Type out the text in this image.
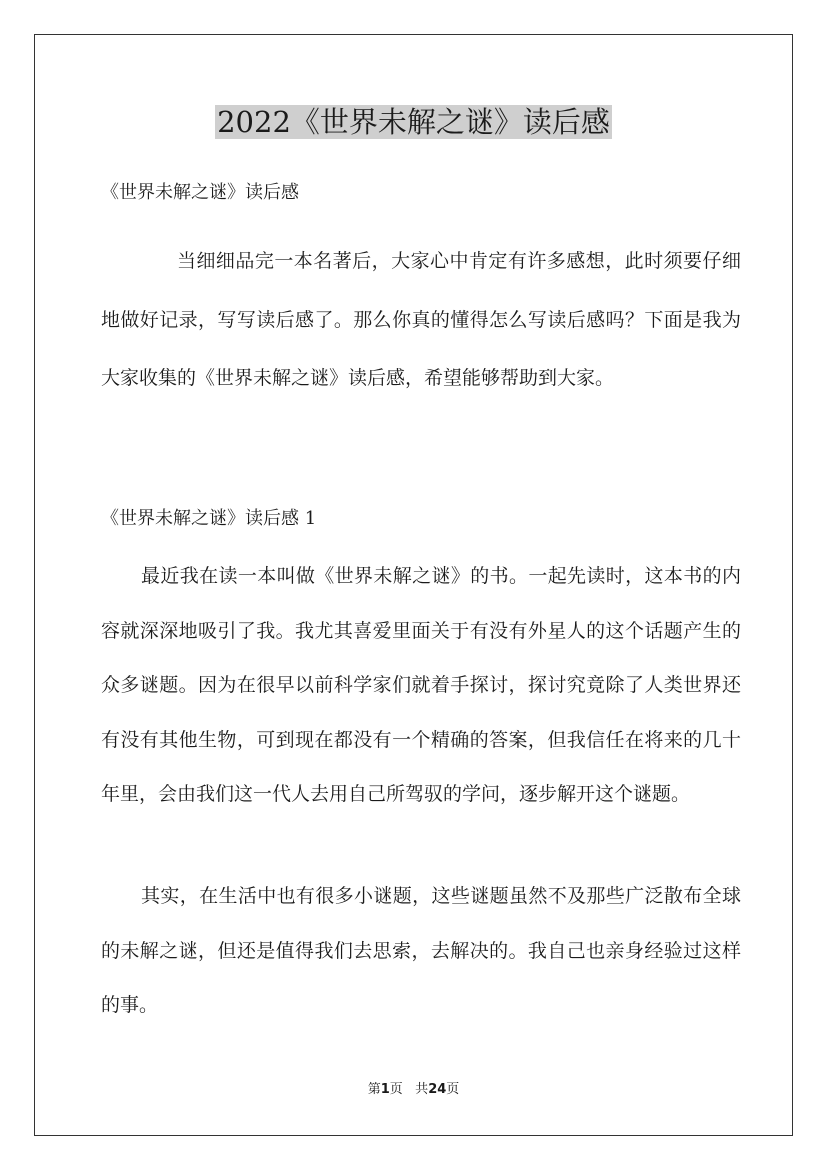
2022《世界未解之谜》读后感

《世界未解之谜》读后感

当细细品完一本名著后，大家心中肯定有许多感想，此时须要仔细地做好记录，写写读后感了。那么你真的懂得怎么写读后感吗？下面是我为大家收集的《世界未解之谜》读后感，希望能够帮助到大家。

《世界未解之谜》读后感 1

最近我在读一本叫做《世界未解之谜》的书。一起先读时，这本书的内容就深深地吸引了我。我尤其喜爱里面关于有没有外星人的这个话题产生的众多谜题。因为在很早以前科学家们就着手探讨，探讨究竟除了人类世界还有没有其他生物，可到现在都没有一个精确的答案，但我信任在将来的几十年里，会由我们这一代人去用自己所驾驭的学问，逐步解开这个谜题。

其实，在生活中也有很多小谜题，这些谜题虽然不及那些广泛散布全球的未解之谜，但还是值得我们去思索，去解决的。我自己也亲身经验过这样的事。

第1页 共24页
